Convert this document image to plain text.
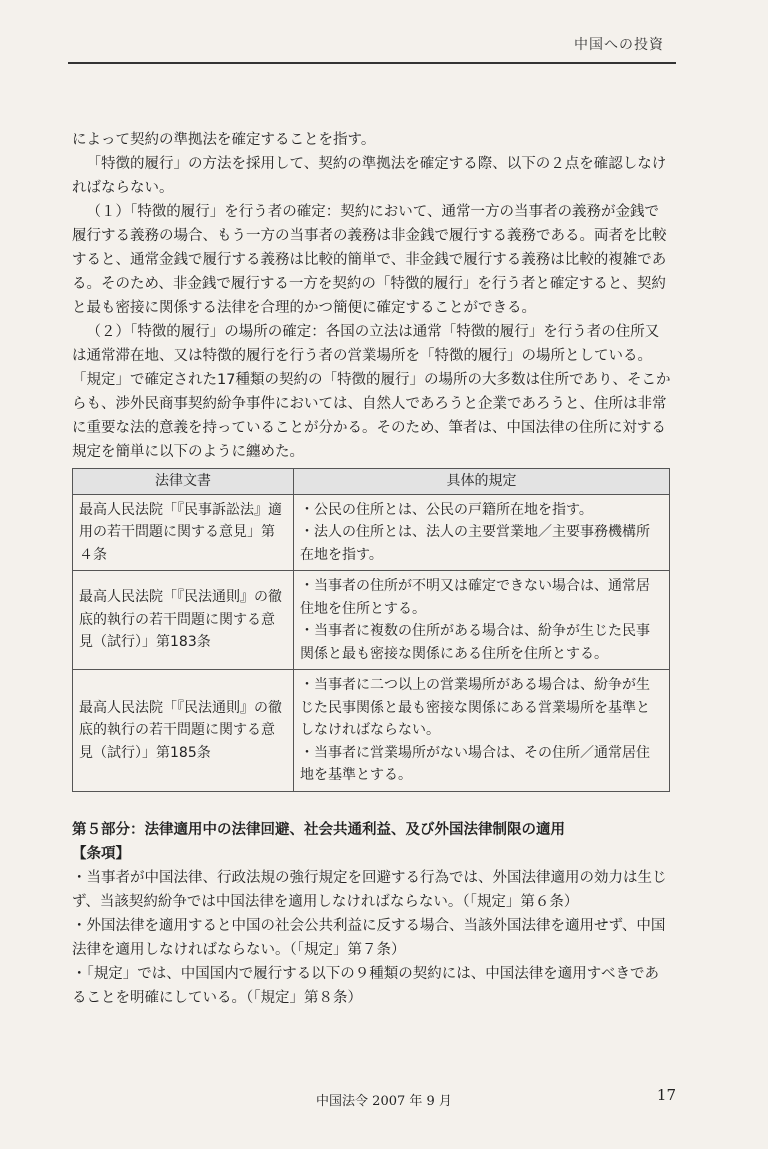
中国への投資

によって契約の準拠法を確定することを指す。

「特徴的履行」の方法を採用して、契約の準拠法を確定する際、以下の２点を確認しなければならない。

（１）「特徴的履行」を行う者の確定：契約において、通常一方の当事者の義務が金銭で履行する義務の場合、もう一方の当事者の義務は非金銭で履行する義務である。両者を比較すると、通常金銭で履行する義務は比較的簡単で、非金銭で履行する義務は比較的複雑である。そのため、非金銭で履行する一方を契約の「特徴的履行」を行う者と確定すると、契約と最も密接に関係する法律を合理的かつ簡便に確定することができる。

（２）「特徴的履行」の場所の確定：各国の立法は通常「特徴的履行」を行う者の住所又は通常滞在地、又は特徴的履行を行う者の営業場所を「特徴的履行」の場所としている。「規定」で確定された17種類の契約の「特徴的履行」の場所の大多数は住所であり、そこからも、渉外民商事契約紛争事件においては、自然人であろうと企業であろうと、住所は非常に重要な法的意義を持っていることが分かる。そのため、筆者は、中国法律の住所に対する規定を簡単に以下のように纏めた。

法律文書	具体的規定
最高人民法院「『民事訴訟法』適用の若干問題に関する意見」第４条	・公民の住所とは、公民の戸籍所在地を指す。
・法人の住所とは、法人の主要営業地／主要事務機構所在地を指す。

最高人民法院「『民法通則』の徹底的執行の若干問題に関する意見（試行）」第183条	・当事者の住所が不明又は確定できない場合は、通常居住地を住所とする。
・当事者に複数の住所がある場合は、紛争が生じた民事関係と最も密接な関係にある住所を住所とする。

最高人民法院「『民法通則』の徹底的執行の若干問題に関する意見（試行）」第185条	・当事者に二つ以上の営業場所がある場合は、紛争が生じた民事関係と最も密接な関係にある営業場所を基準としなければならない。
・当事者に営業場所がない場合は、その住所／通常居住地を基準とする。
第５部分：法律適用中の法律回避、社会共通利益、及び外国法律制限の適用
【条項】

・当事者が中国法律、行政法規の強行規定を回避する行為では、外国法律適用の効力は生じず、当該契約紛争では中国法律を適用しなければならない。（「規定」第６条）

・外国法律を適用すると中国の社会公共利益に反する場合、当該外国法律を適用せず、中国法律を適用しなければならない。（「規定」第７条）

・「規定」では、中国国内で履行する以下の９種類の契約には、中国法律を適用すべきであることを明確にしている。（「規定」第８条）

中国法令 2007 年 9 月	17
